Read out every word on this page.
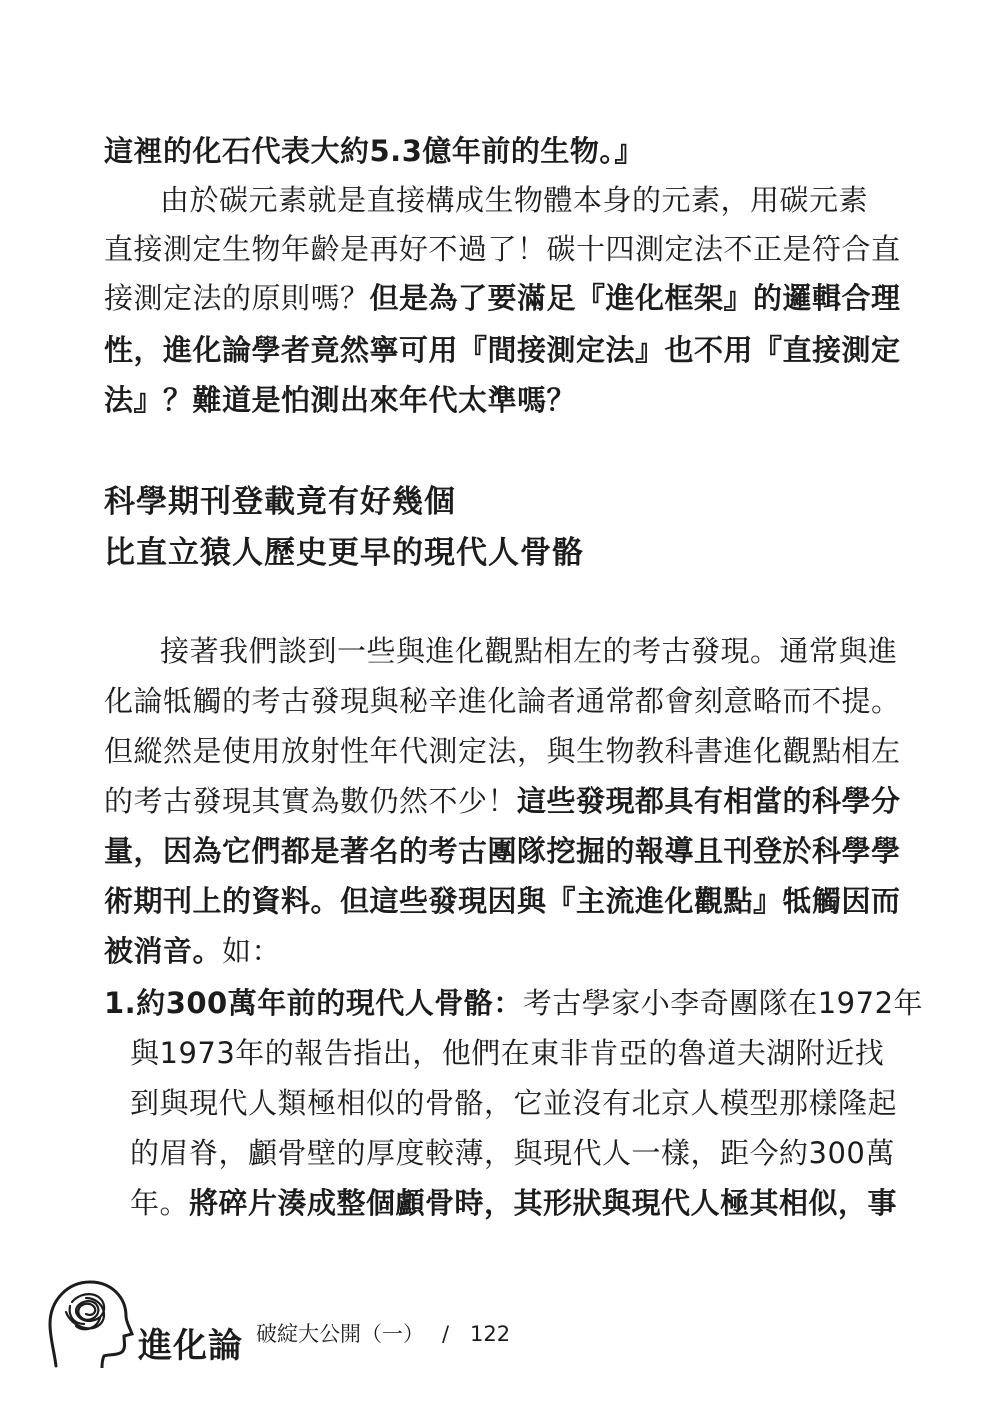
這裡的化石代表大約5.3億年前的生物。』
由於碳元素就是直接構成生物體本身的元素，用碳元素
直接測定生物年齡是再好不過了！碳十四測定法不正是符合直
接測定法的原則嗎？但是為了要滿足『進化框架』的邏輯合理
性，進化論學者竟然寧可用『間接測定法』也不用『直接測定
法』？難道是怕測出來年代太準嗎？
科學期刊登載竟有好幾個
比直立猿人歷史更早的現代人骨骼
接著我們談到一些與進化觀點相左的考古發現。通常與進
化論牴觸的考古發現與秘辛進化論者通常都會刻意略而不提。
但縱然是使用放射性年代測定法，與生物教科書進化觀點相左
的考古發現其實為數仍然不少！這些發現都具有相當的科學分
量，因為它們都是著名的考古團隊挖掘的報導且刊登於科學學
術期刊上的資料。但這些發現因與『主流進化觀點』牴觸因而
被消音。如：
1.約300萬年前的現代人骨骼：考古學家小李奇團隊在1972年
與1973年的報告指出，他們在東非肯亞的魯道夫湖附近找
到與現代人類極相似的骨骼，它並沒有北京人模型那樣隆起
的眉脊，顱骨壁的厚度較薄，與現代人一樣，距今約300萬
年。將碎片湊成整個顱骨時，其形狀與現代人極其相似，事
進化論 破綻大公開（一） / 122
